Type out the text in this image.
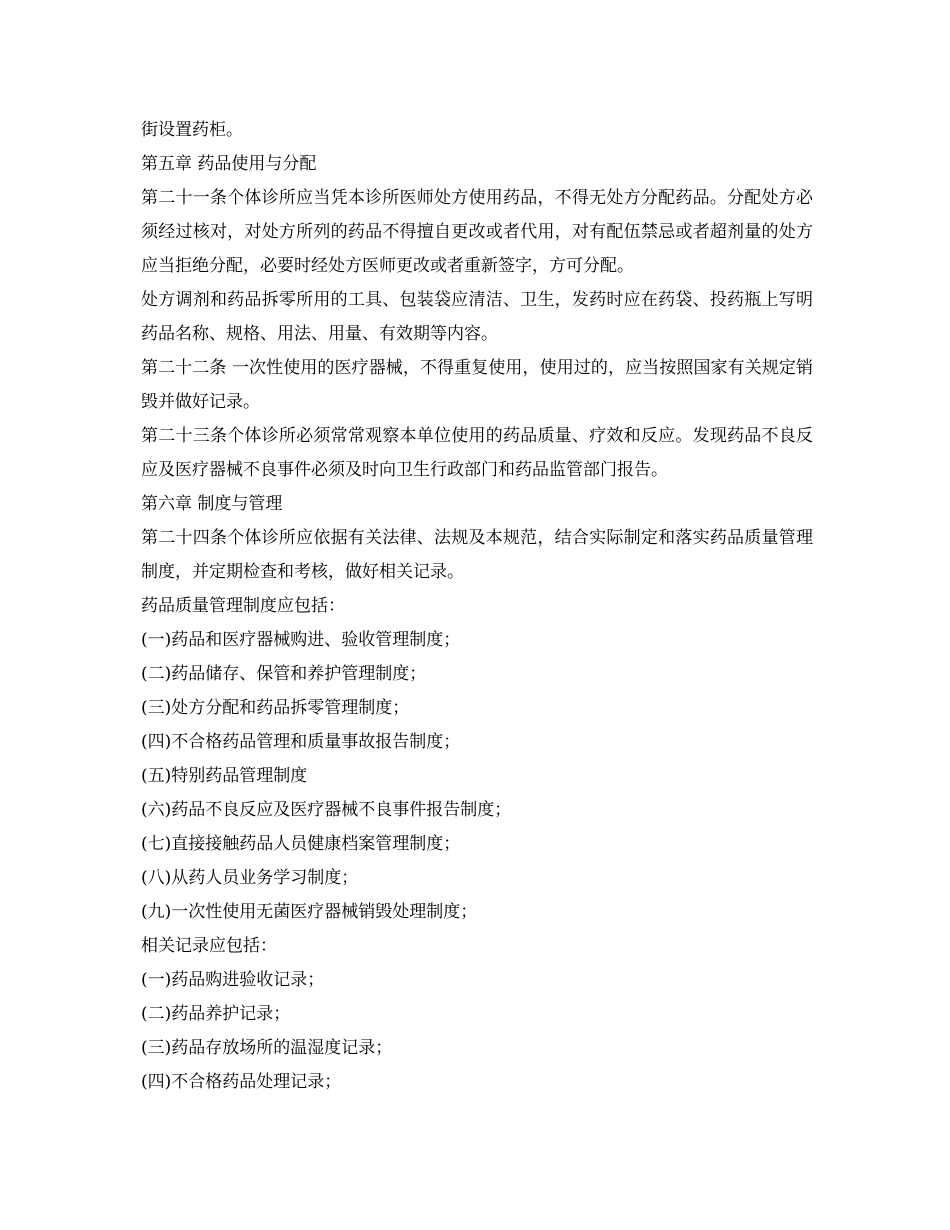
街设置药柜。

第五章 药品使用与分配

第二十一条个体诊所应当凭本诊所医师处方使用药品，不得无处方分配药品。分配处方必须经过核对，对处方所列的药品不得擅自更改或者代用，对有配伍禁忌或者超剂量的处方应当拒绝分配，必要时经处方医师更改或者重新签字，方可分配。

处方调剂和药品拆零所用的工具、包装袋应清洁、卫生，发药时应在药袋、投药瓶上写明药品名称、规格、用法、用量、有效期等内容。

第二十二条 一次性使用的医疗器械，不得重复使用，使用过的，应当按照国家有关规定销毁并做好记录。

第二十三条个体诊所必须常常观察本单位使用的药品质量、疗效和反应。发现药品不良反应及医疗器械不良事件必须及时向卫生行政部门和药品监管部门报告。

第六章 制度与管理

第二十四条个体诊所应依据有关法律、法规及本规范，结合实际制定和落实药品质量管理制度，并定期检查和考核，做好相关记录。

药品质量管理制度应包括：

(一)药品和医疗器械购进、验收管理制度；

(二)药品储存、保管和养护管理制度；

(三)处方分配和药品拆零管理制度；

(四)不合格药品管理和质量事故报告制度；

(五)特别药品管理制度

(六)药品不良反应及医疗器械不良事件报告制度；

(七)直接接触药品人员健康档案管理制度；

(八)从药人员业务学习制度；

(九)一次性使用无菌医疗器械销毁处理制度；

相关记录应包括：

(一)药品购进验收记录；

(二)药品养护记录；

(三)药品存放场所的温湿度记录；

(四)不合格药品处理记录；
